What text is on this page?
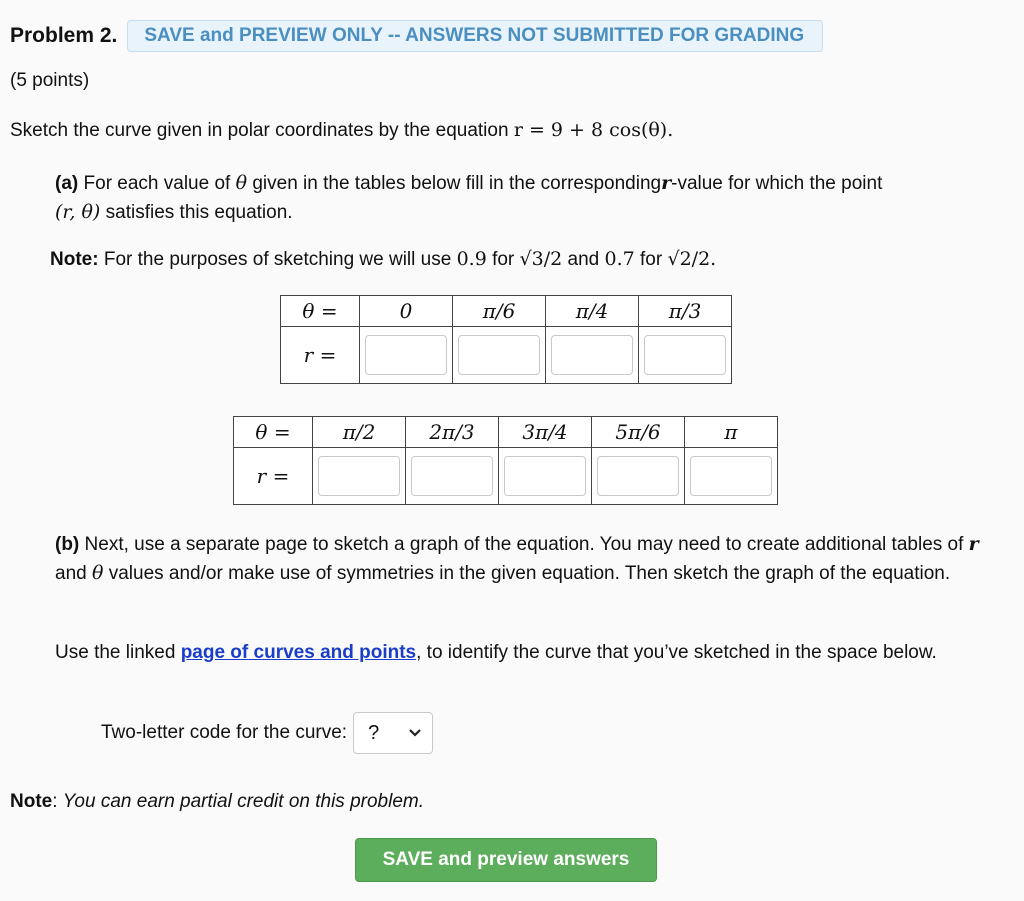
Problem 2.	SAVE and PREVIEW ONLY -- ANSWERS NOT SUBMITTED FOR GRADING
(5 points)
Sketch the curve given in polar coordinates by the equation r = 9 + 8 cos(θ).
(a) For each value of θ given in the tables below fill in the correspondingr-value for which the point
(r, θ) satisfies this equation.
Note: For the purposes of sketching we will use 0.9 for √3/2 and 0.7 for √2/2.
θ =	0	π/6	π/4	π/3
r =	

θ =	π/2	2π/3	3π/4	5π/6	π
r =	

(b) Next, use a separate page to sketch a graph of the equation. You may need to create additional tables of r and θ values and/or make use of symmetries in the given equation. Then sketch the graph of the equation.
Use the linked page of curves and points, to identify the curve that you’ve sketched in the space below.
Two-letter code for the curve: ?
Note: You can earn partial credit on this problem.
SAVE and preview answers
